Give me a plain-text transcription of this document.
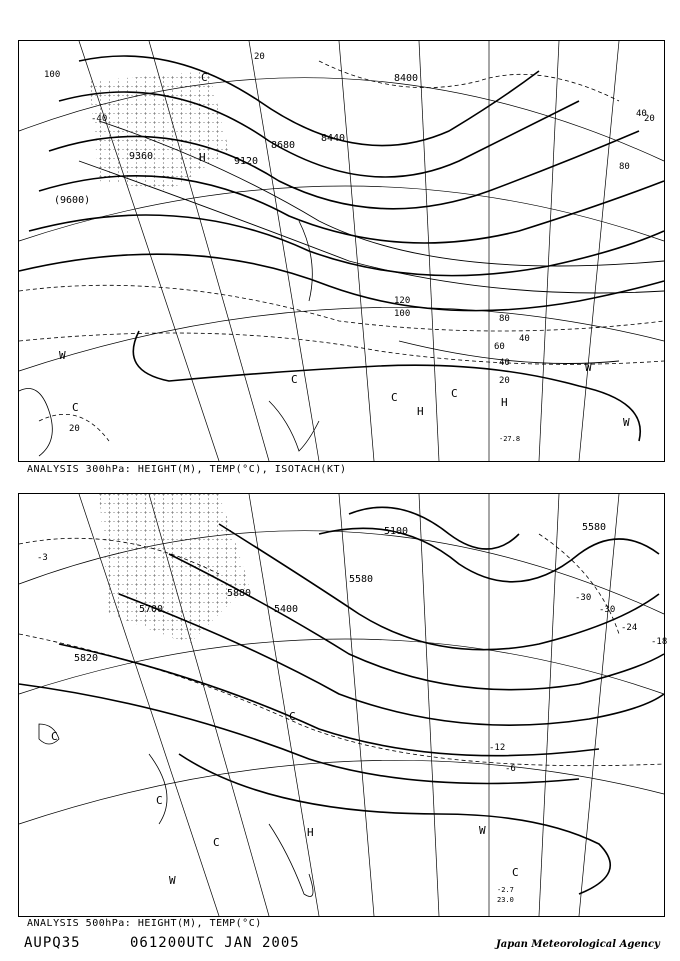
8400
8440
8680
9120
9360
(9600)
120
100	80
60
40
20
20
40
80
20
100
-40
40
20
C
C	C
H
H
C
H
W
W
W
C
-27.8
ANALYSIS 300hPa: HEIGHT(M), TEMP(°C), ISOTACH(KT)
5100	5580
5580
5700
5820
5400
5880
-3
-30
-30
-24
-18
-12
-6
C
C
C
H	W
W
C
C
-2.7
23.0
ANALYSIS 500hPa: HEIGHT(M), TEMP(°C)
AUPQ35	061200UTC JAN 2005	Japan Meteorological Agency
